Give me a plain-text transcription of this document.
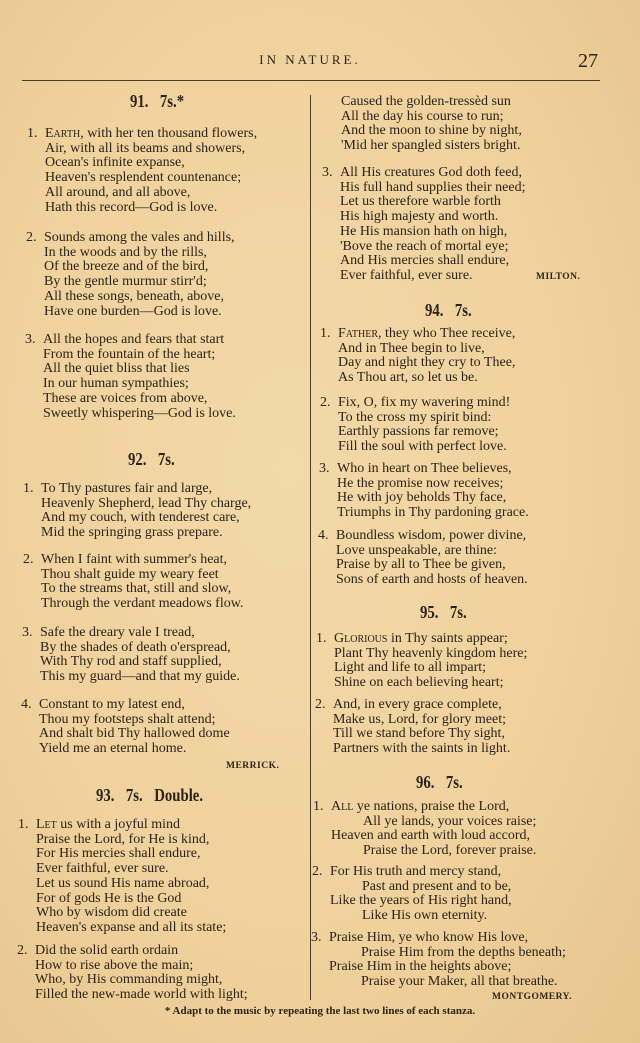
IN NATURE.	27
91. 7s.*
1. Earth, with her ten thousand flowers,
Air, with all its beams and showers,
Ocean's infinite expanse,
Heaven's resplendent countenance;
All around, and all above,
Hath this record—God is love.
2. Sounds among the vales and hills,
In the woods and by the rills,
Of the breeze and of the bird,
By the gentle murmur stirr'd;
All these songs, beneath, above,
Have one burden—God is love.
3. All the hopes and fears that start
From the fountain of the heart;
All the quiet bliss that lies
In our human sympathies;
These are voices from above,
Sweetly whispering—God is love.
92. 7s.
1. To Thy pastures fair and large,
Heavenly Shepherd, lead Thy charge,
And my couch, with tenderest care,
Mid the springing grass prepare.
2. When I faint with summer's heat,
Thou shalt guide my weary feet
To the streams that, still and slow,
Through the verdant meadows flow.
3. Safe the dreary vale I tread,
By the shades of death o'erspread,
With Thy rod and staff supplied,
This my guard—and that my guide.
4. Constant to my latest end,
Thou my footsteps shalt attend;
And shalt bid Thy hallowed dome
Yield me an eternal home.
MERRICK.
93. 7s. Double.
1. Let us with a joyful mind
Praise the Lord, for He is kind,
For His mercies shall endure,
Ever faithful, ever sure.
Let us sound His name abroad,
For of gods He is the God
Who by wisdom did create
Heaven's expanse and all its state;
2. Did the solid earth ordain
How to rise above the main;
Who, by His commanding might,
Filled the new-made world with light;
Caused the golden-tressèd sun
All the day his course to run;
And the moon to shine by night,
'Mid her spangled sisters bright.
3. All His creatures God doth feed,
His full hand supplies their need;
Let us therefore warble forth
His high majesty and worth.
He His mansion hath on high,
'Bove the reach of mortal eye;
And His mercies shall endure,
Ever faithful, ever sure.	MILTON.
94. 7s.
1. Father, they who Thee receive,
And in Thee begin to live,
Day and night they cry to Thee,
As Thou art, so let us be.
2. Fix, O, fix my wavering mind!
To the cross my spirit bind:
Earthly passions far remove;
Fill the soul with perfect love.
3. Who in heart on Thee believes,
He the promise now receives;
He with joy beholds Thy face,
Triumphs in Thy pardoning grace.
4. Boundless wisdom, power divine,
Love unspeakable, are thine:
Praise by all to Thee be given,
Sons of earth and hosts of heaven.
95. 7s.
1. Glorious in Thy saints appear;
Plant Thy heavenly kingdom here;
Light and life to all impart;
Shine on each believing heart;
2. And, in every grace complete,
Make us, Lord, for glory meet;
Till we stand before Thy sight,
Partners with the saints in light.
96. 7s.
1. All ye nations, praise the Lord,
All ye lands, your voices raise;
Heaven and earth with loud accord,
Praise the Lord, forever praise.
2. For His truth and mercy stand,
Past and present and to be,
Like the years of His right hand,
Like His own eternity.
3. Praise Him, ye who know His love,
Praise Him from the depths beneath;
Praise Him in the heights above;
Praise your Maker, all that breathe.
MONTGOMERY.
* Adapt to the music by repeating the last two lines of each stanza.
